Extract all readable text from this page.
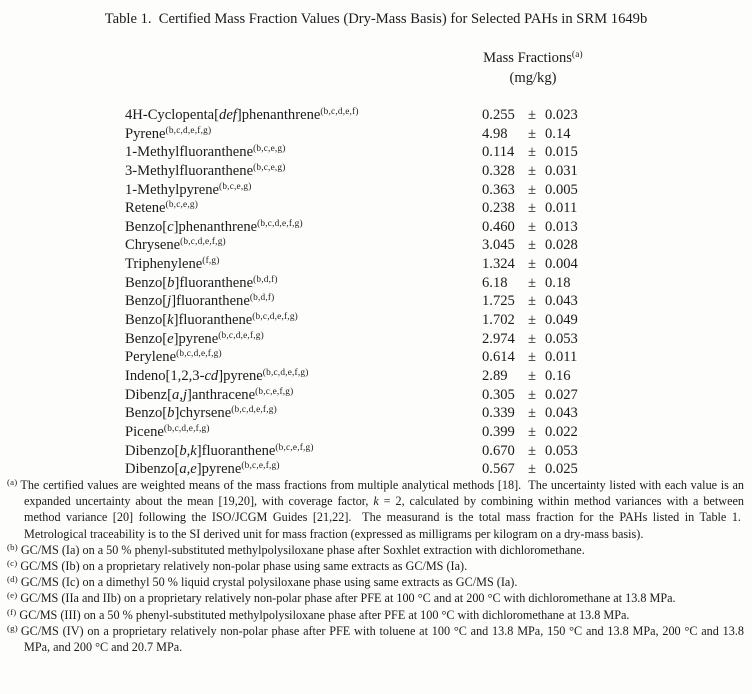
Table 1.  Certified Mass Fraction Values (Dry-Mass Basis) for Selected PAHs in SRM 1649b
Mass Fractions$^{(a)}$
(mg/kg)
4H-Cyclopenta[def]phenanthrene$^{(b,c,d,e,f)}$	0.255 ± 0.023
Pyrene$^{(b,c,d,e,f,g)}$	4.98	± 0.14
1-Methylfluoranthene$^{(b,c,e,g)}$	0.114 ± 0.015
3-Methylfluoranthene$^{(b,c,e,g)}$	0.328 ± 0.031
1-Methylpyrene$^{(b,c,e,g)}$	0.363 ± 0.005
Retene$^{(b,c,e,g)}$	0.238 ± 0.011
Benzo[c]phenanthrene$^{(b,c,d,e,f,g)}$	0.460 ± 0.013
Chrysene$^{(b,c,d,e,f,g)}$	3.045 ± 0.028
Triphenylene$^{(f,g)}$	1.324 ± 0.004
Benzo[b]fluoranthene$^{(b,d,f)}$	6.18	± 0.18
Benzo[j]fluoranthene$^{(b,d,f)}$	1.725 ± 0.043
Benzo[k]fluoranthene$^{(b,c,d,e,f,g)}$	1.702 ± 0.049
Benzo[e]pyrene$^{(b,c,d,e,f,g)}$	2.974 ± 0.053
Perylene$^{(b,c,d,e,f,g)}$	0.614 ± 0.011
Indeno[1,2,3-cd]pyrene$^{(b,c,d,e,f,g)}$	2.89	± 0.16
Dibenz[a,j]anthracene$^{(b,c,e,f,g)}$	0.305 ± 0.027
Benzo[b]chyrsene$^{(b,c,d,e,f,g)}$	0.339 ± 0.043
Picene$^{(b,c,d,e,f,g)}$	0.399 ± 0.022
Dibenzo[b,k]fluoranthene$^{(b,c,e,f,g)}$	0.670 ± 0.053
Dibenzo[a,e]pyrene$^{(b,c,e,f,g)}$	0.567 ± 0.025
$^{(a)}$ The certified values are weighted means of the mass fractions from multiple analytical methods [18].  The uncertainty listed with each value is an expanded uncertainty about the mean [19,20], with coverage factor, k = 2, calculated by combining within method variances with a between method variance [20] following the ISO/JCGM Guides [21,22].  The measurand is the total mass fraction for the PAHs listed in Table 1.  Metrological traceability is to the SI derived unit for mass fraction (expressed as milligrams per kilogram on a dry-mass basis).
$^{(b)}$ GC/MS (Ia) on a 50 % phenyl-substituted methylpolysiloxane phase after Soxhlet extraction with dichloromethane.
$^{(c)}$ GC/MS (Ib) on a proprietary relatively non-polar phase using same extracts as GC/MS (Ia).
$^{(d)}$ GC/MS (Ic) on a dimethyl 50 % liquid crystal polysiloxane phase using same extracts as GC/MS (Ia).
$^{(e)}$ GC/MS (IIa and IIb) on a proprietary relatively non-polar phase after PFE at 100 °C and at 200 °C with dichloromethane at 13.8 MPa.
$^{(f)}$ GC/MS (III) on a 50 % phenyl-substituted methylpolysiloxane phase after PFE at 100 °C with dichloromethane at 13.8 MPa.
$^{(g)}$ GC/MS (IV) on a proprietary relatively non-polar phase after PFE with toluene at 100 °C and 13.8 MPa, 150 °C and 13.8 MPa, 200 °C and 13.8 MPa, and 200 °C and 20.7 MPa.
